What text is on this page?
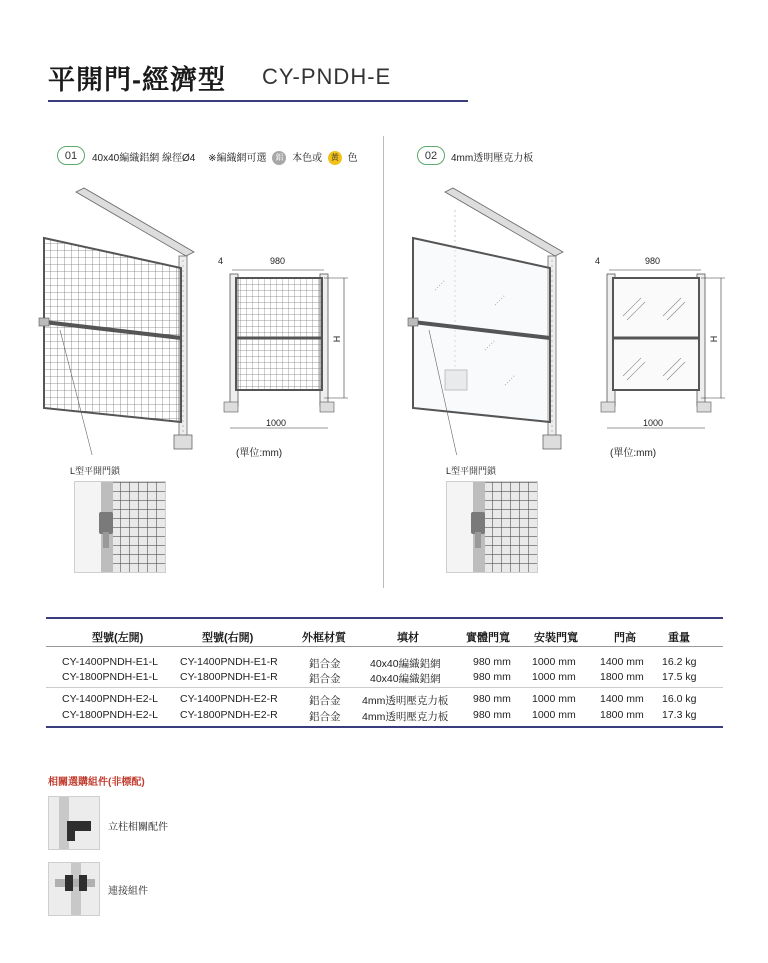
平開門-經濟型 CY-PNDH-E
01	40x40編織鋁網 線徑Ø4 ※編織網可選 鋁 本色或 黃 色
4	980
H
1000
(單位:mm)
L型平開門鎖
02	4mm透明壓克力板
4	980
H
1000
(單位:mm)
L型平開門鎖
型號(左開)	型號(右開)	外框材質	填材	實體門寬 安裝門寬	門高	重量
CY-1400PNDH-E1-L CY-1400PNDH-E1-R	鋁合金	40x40編織鋁網	980 mm 1000 mm 1400 mm 16.2 kg
CY-1800PNDH-E1-L CY-1800PNDH-E1-R	鋁合金	40x40編織鋁網	980 mm 1000 mm 1800 mm 17.5 kg
CY-1400PNDH-E2-L CY-1400PNDH-E2-R	鋁合金 4mm透明壓克力板 980 mm 1000 mm 1400 mm 16.0 kg
CY-1800PNDH-E2-L CY-1800PNDH-E2-R	鋁合金 4mm透明壓克力板 980 mm 1000 mm 1800 mm 17.3 kg
相關選購組件(非標配)
立柱相關配件
連接組件
